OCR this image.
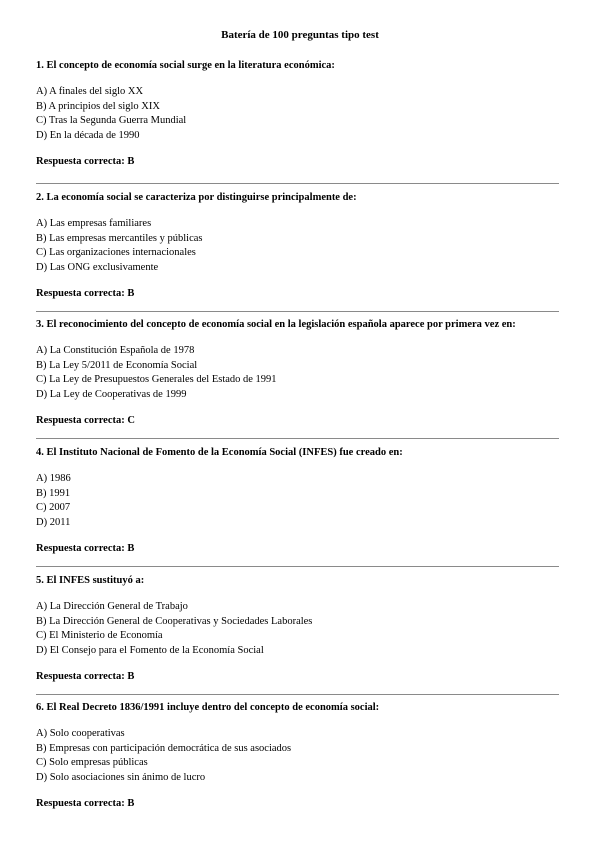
Batería de 100 preguntas tipo test

1. El concepto de economía social surge en la literatura económica:

A) A finales del siglo XX
B) A principios del siglo XIX
C) Tras la Segunda Guerra Mundial
D) En la década de 1990
Respuesta correcta: B

2. La economía social se caracteriza por distinguirse principalmente de:

A) Las empresas familiares
B) Las empresas mercantiles y públicas
C) Las organizaciones internacionales
D) Las ONG exclusivamente
Respuesta correcta: B

3. El reconocimiento del concepto de economía social en la legislación española aparece por primera vez en:

A) La Constitución Española de 1978
B) La Ley 5/2011 de Economía Social
C) La Ley de Presupuestos Generales del Estado de 1991
D) La Ley de Cooperativas de 1999
Respuesta correcta: C

4. El Instituto Nacional de Fomento de la Economía Social (INFES) fue creado en:

A) 1986
B) 1991
C) 2007
D) 2011
Respuesta correcta: B

5. El INFES sustituyó a:

A) La Dirección General de Trabajo
B) La Dirección General de Cooperativas y Sociedades Laborales
C) El Ministerio de Economía
D) El Consejo para el Fomento de la Economía Social
Respuesta correcta: B

6. El Real Decreto 1836/1991 incluye dentro del concepto de economía social:

A) Solo cooperativas
B) Empresas con participación democrática de sus asociados
C) Solo empresas públicas
D) Solo asociaciones sin ánimo de lucro
Respuesta correcta: B
